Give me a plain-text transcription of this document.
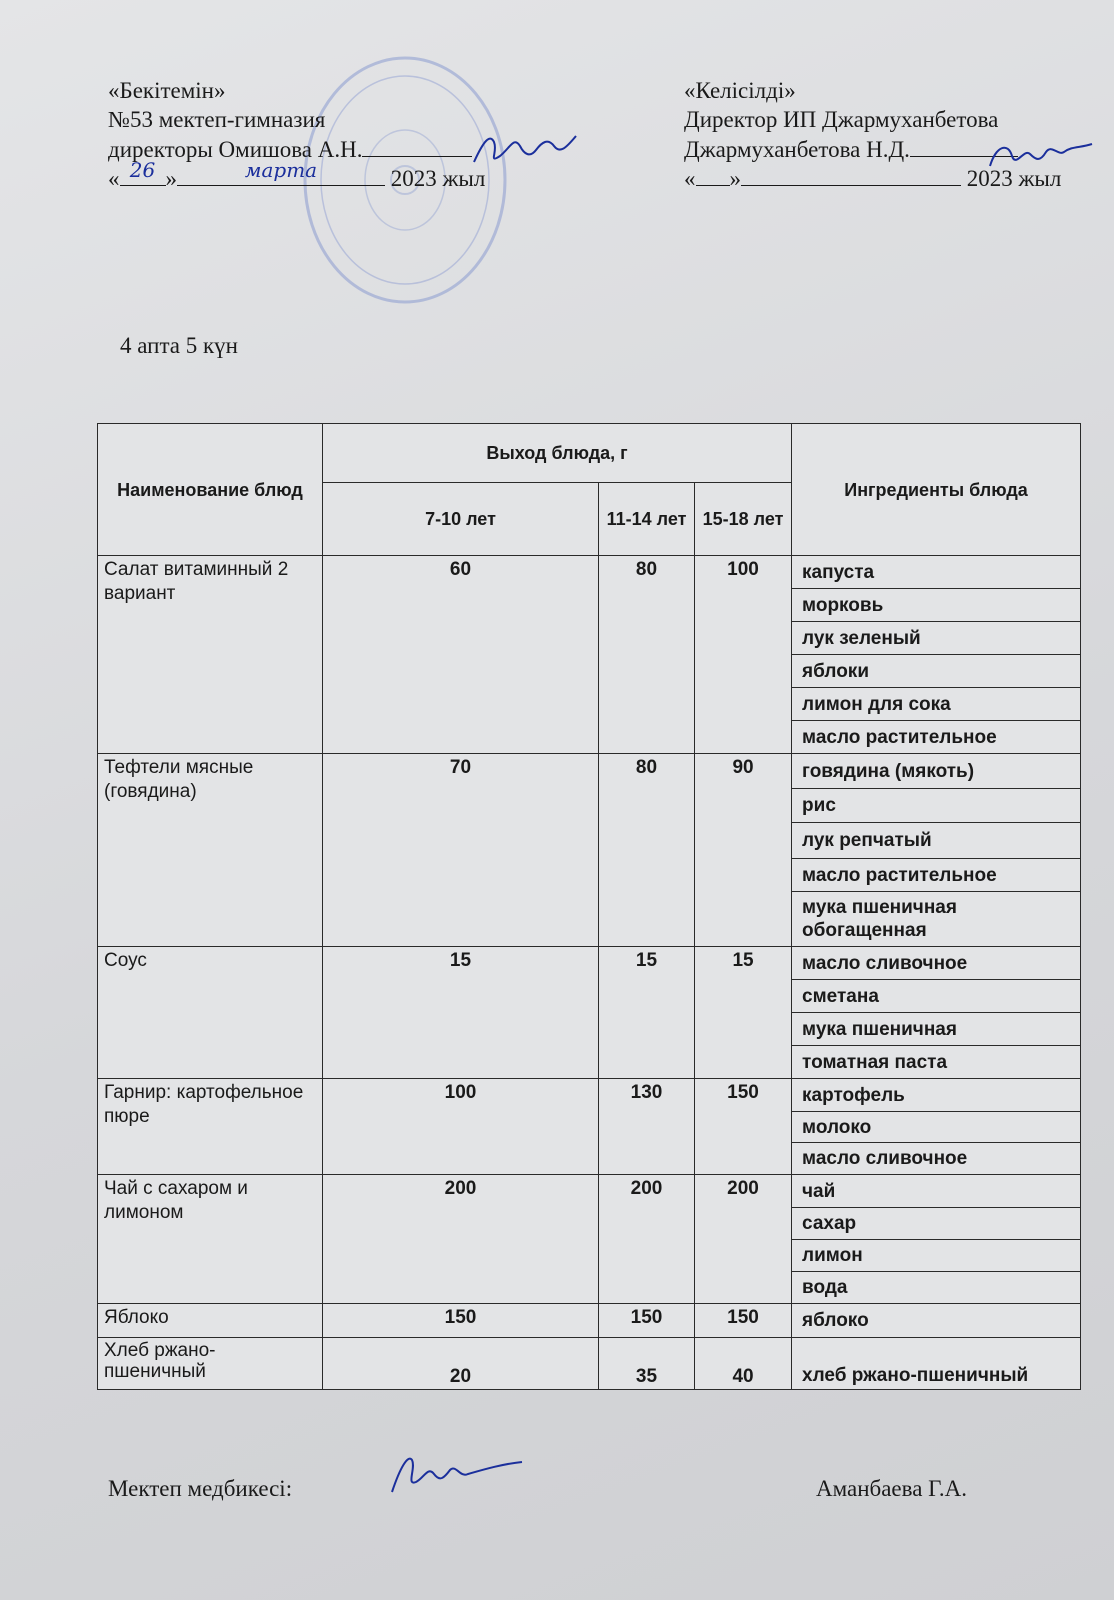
«Бекітемін»
№53 мектеп-гимназия
директоры Омишова А.Н.
« 26 »	марта	2023 жыл
«Келісілді»
Директор ИП Джармуханбетова
Джармуханбетова Н.Д.
« »	2023 жыл
4 апта 5 күн
Наименование блюд	Выход блюда, г			Ингредиенты блюда
	7-10 лет	11-14 лет	15-18 лет	
Салат витаминный 2 вариант	60	80	100	капуста
				морковь
				лук зеленый
				яблоки
				лимон для сока
				масло растительное
Тефтели мясные (говядина)	70	80	90	говядина (мякоть)
				рис
				лук репчатый
				масло растительное
				мука пшеничная обогащенная
Соус	15	15	15	масло сливочное
				сметана
				мука пшеничная
				томатная паста
Гарнир: картофельное пюре	100	130	150	картофель
				молоко
				масло сливочное
Чай с сахаром и лимоном	200	200	200	чай
				сахар
				лимон
				вода
Яблоко	150	150	150	яблоко
Хлеб ржано-пшеничный	20	35	40	хлеб ржано-пшеничный
Мектеп медбикесі:	Аманбаева Г.А.
